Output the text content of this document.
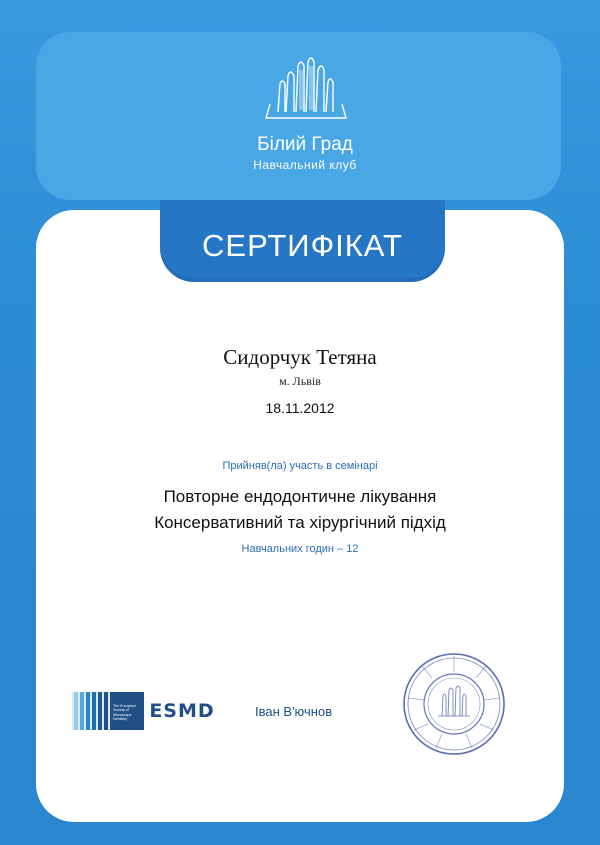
Білий Град
Навчальний клуб
СЕРТИФІКАТ
Сидорчук Тетяна
м. Львів
18.11.2012
Прийняв(ла) участь в семінарі
Повторне ендодонтичне лікування
Консервативний та хірургічний підхід
Навчальних годин – 12
The European
Society of
Microscope
Dentistry	ESMD	Іван В'ючнов
